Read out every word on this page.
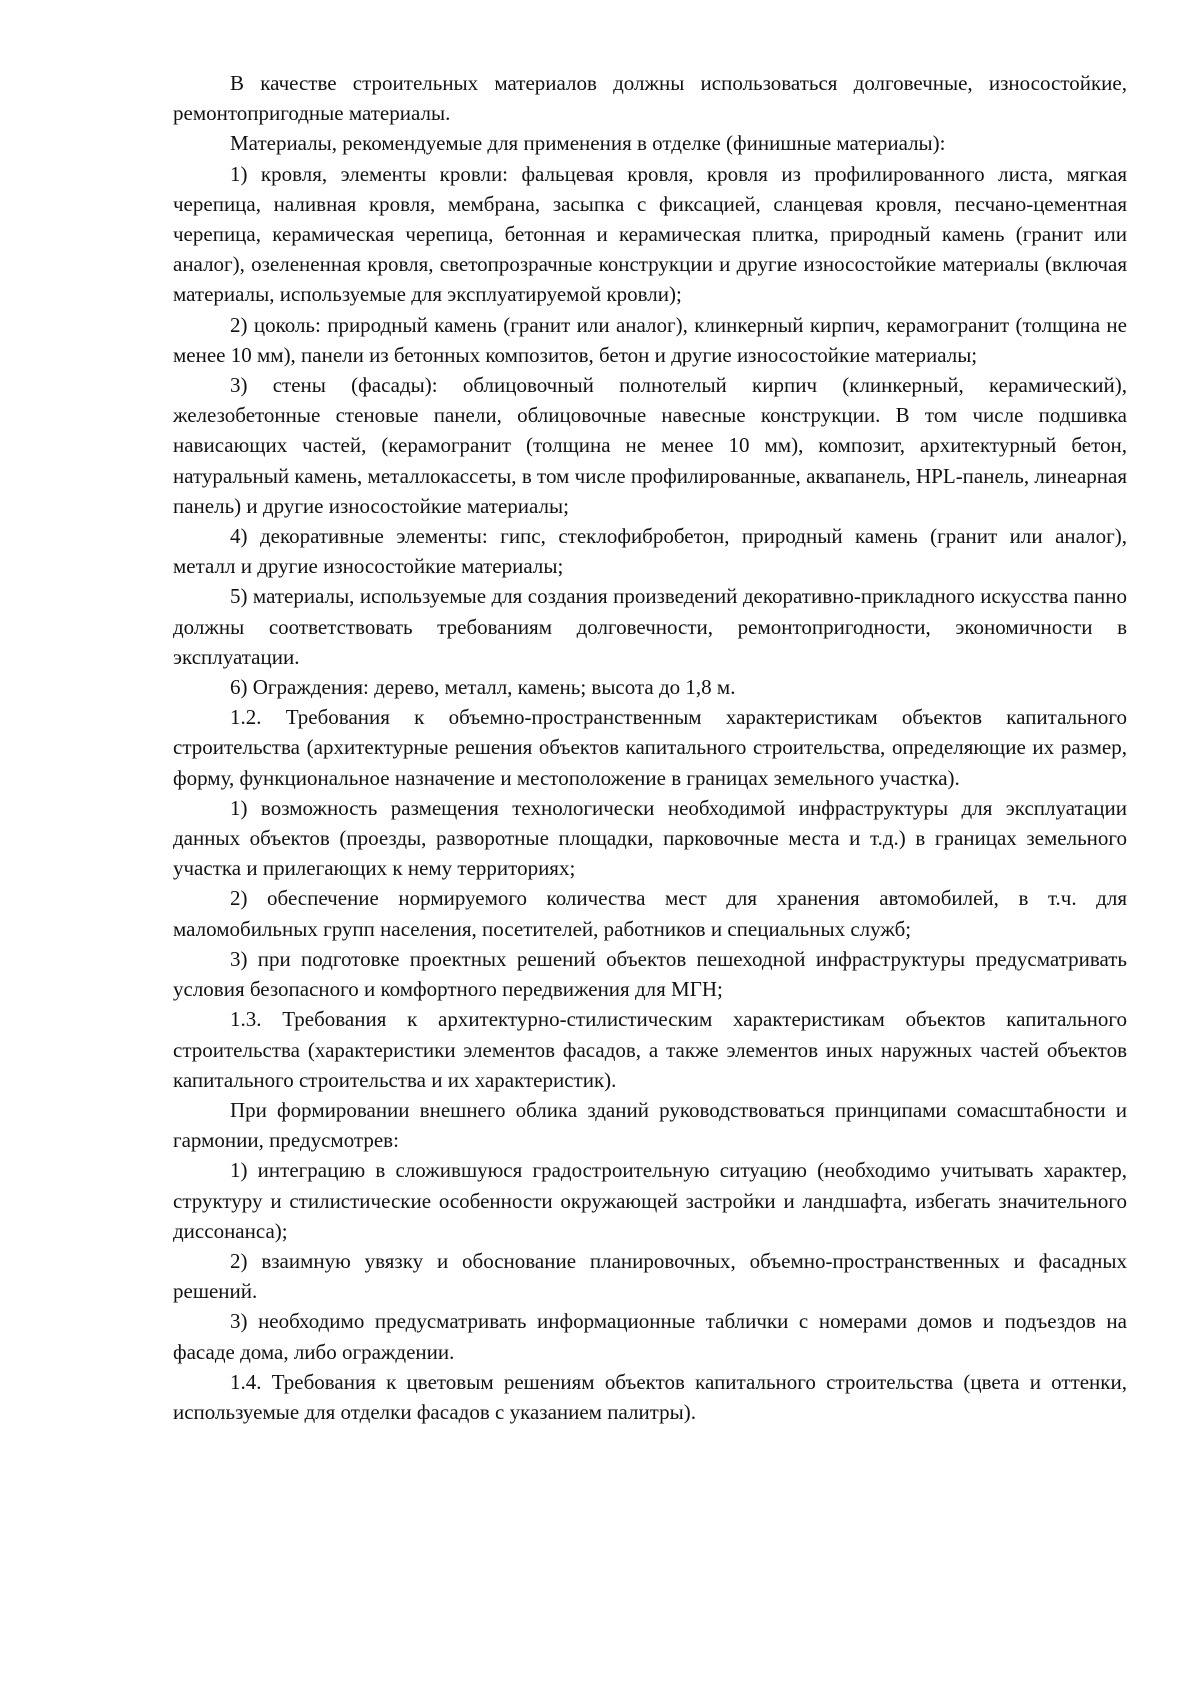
В качестве строительных материалов должны использоваться долговечные, износостойкие, ремонтопригодные материалы.

Материалы, рекомендуемые для применения в отделке (финишные материалы):

1) кровля, элементы кровли: фальцевая кровля, кровля из профилированного листа, мягкая черепица, наливная кровля, мембрана, засыпка с фиксацией, сланцевая кровля, песчано-цементная черепица, керамическая черепица, бетонная и керамическая плитка, природный камень (гранит или аналог), озелененная кровля, светопрозрачные конструкции и другие износостойкие материалы (включая материалы, используемые для эксплуатируемой кровли);

2) цоколь: природный камень (гранит или аналог), клинкерный кирпич, керамогранит (толщина не менее 10 мм), панели из бетонных композитов, бетон и другие износостойкие материалы;

3) стены (фасады): облицовочный полнотелый кирпич (клинкерный, керамический), железобетонные стеновые панели, облицовочные навесные конструкции. В том числе подшивка нависающих частей, (керамогранит (толщина не менее 10 мм), композит, архитектурный бетон, натуральный камень, металлокассеты, в том числе профилированные, аквапанель, HPL-панель, линеарная панель) и другие износостойкие материалы;

4) декоративные элементы: гипс, стеклофибробетон, природный камень (гранит или аналог), металл и другие износостойкие материалы;

5) материалы, используемые для создания произведений декоративно-прикладного искусства панно должны соответствовать требованиям долговечности, ремонтопригодности, экономичности в эксплуатации.

6) Ограждения: дерево, металл, камень; высота до 1,8 м.

1.2. Требования к объемно-пространственным характеристикам объектов капитального строительства (архитектурные решения объектов капитального строительства, определяющие их размер, форму, функциональное назначение и местоположение в границах земельного участка).

1) возможность размещения технологически необходимой инфраструктуры для эксплуатации данных объектов (проезды, разворотные площадки, парковочные места и т.д.) в границах земельного участка и прилегающих к нему территориях;

2) обеспечение нормируемого количества мест для хранения автомобилей, в т.ч. для маломобильных групп населения, посетителей, работников и специальных служб;

3) при подготовке проектных решений объектов пешеходной инфраструктуры предусматривать условия безопасного и комфортного передвижения для МГН;

1.3. Требования к архитектурно-стилистическим характеристикам объектов капитального строительства (характеристики элементов фасадов, а также элементов иных наружных частей объектов капитального строительства и их характеристик).

При формировании внешнего облика зданий руководствоваться принципами сомасштабности и гармонии, предусмотрев:

1) интеграцию в сложившуюся градостроительную ситуацию (необходимо учитывать характер, структуру и стилистические особенности окружающей застройки и ландшафта, избегать значительного диссонанса);

2) взаимную увязку и обоснование планировочных, объемно-пространственных и фасадных решений.

3) необходимо предусматривать информационные таблички с номерами домов и подъездов на фасаде дома, либо ограждении.

1.4. Требования к цветовым решениям объектов капитального строительства (цвета и оттенки, используемые для отделки фасадов с указанием палитры).
